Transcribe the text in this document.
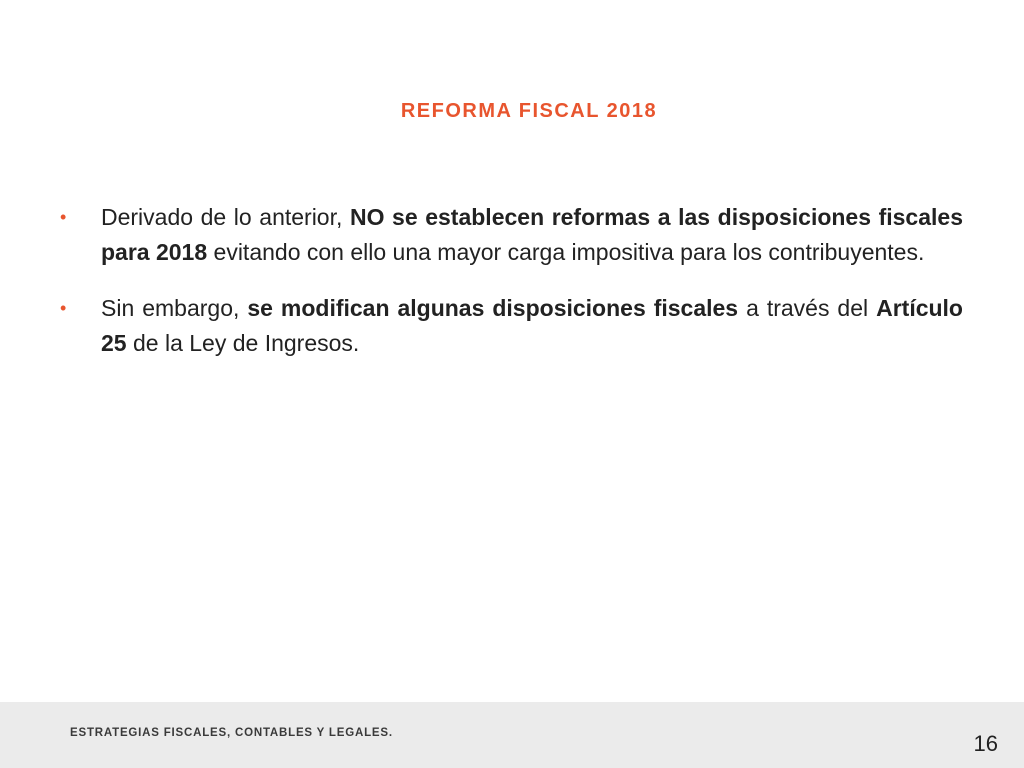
REFORMA FISCAL 2018
• Derivado de lo anterior, NO se establecen reformas a las disposiciones fiscales para 2018 evitando con ello una mayor carga impositiva para los contribuyentes.
• Sin embargo, se modifican algunas disposiciones fiscales a través del Artículo 25 de la Ley de Ingresos.
ESTRATEGIAS FISCALES, CONTABLES Y LEGALES.	16
